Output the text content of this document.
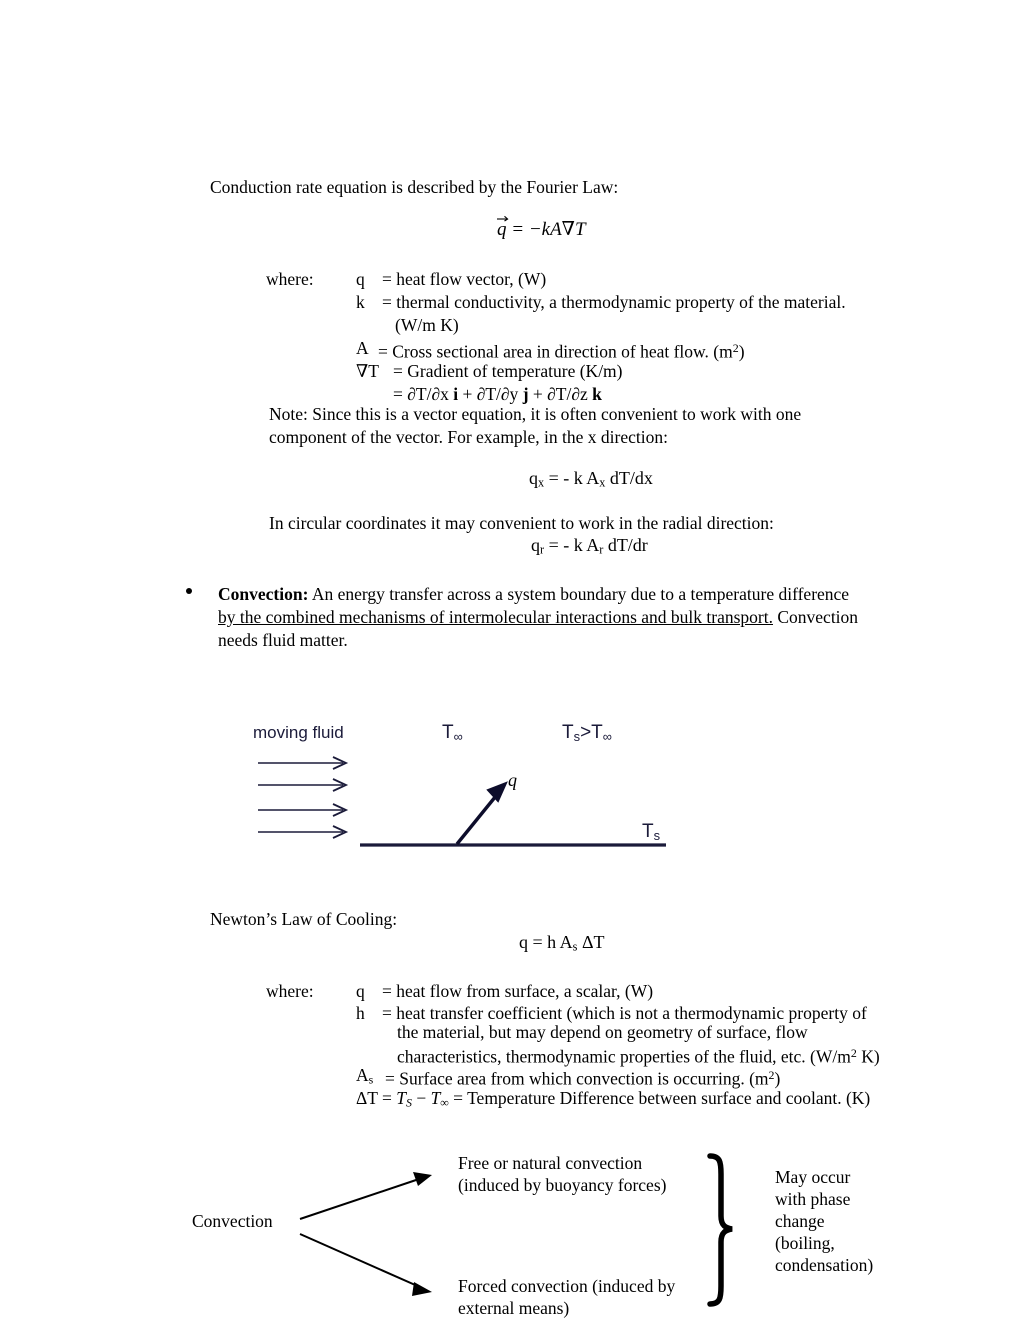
Conduction rate equation is described by the Fourier Law:
q = −kA∇T
where: q = heat flow vector, (W)
k = thermal conductivity, a thermodynamic property of the material.
(W/m K)
A = Cross sectional area in direction of heat flow. $(m^2)$
∇T = Gradient of temperature (K/m)
= ∂T/∂x i + ∂T/∂y j + ∂T/∂z k
Note: Since this is a vector equation, it is often convenient to work with one
component of the vector. For example, in the x direction:
$q_x$ = - k $A_x$ dT/dx
In circular coordinates it may convenient to work in the radial direction:
$q_r$ = - k $A_r$ dT/dr
Convection: An energy transfer across a system boundary due to a temperature difference
by the combined mechanisms of intermolecular interactions and bulk transport. Convection
needs fluid matter.
moving fluid	$T_\infty$	$T_s>T_\infty$
q
$T_s$
Newton’s Law of Cooling:
q = h $A_s$ ΔT
where: q = heat flow from surface, a scalar, (W)
h = heat transfer coefficient (which is not a thermodynamic property of
the material, but may depend on geometry of surface, flow
characteristics, thermodynamic properties of the fluid, etc. ($W/m^2$ K)
$A_s$ = Surface area from which convection is occurring. $(m^2)$
$\Delta T = T_S - T_\infty$ = Temperature Difference between surface and coolant. (K)
Convection
Free or natural convection
(induced by buoyancy forces)
Forced convection (induced by
external means)
May occur
with phase
change
(boiling,
condensation)
